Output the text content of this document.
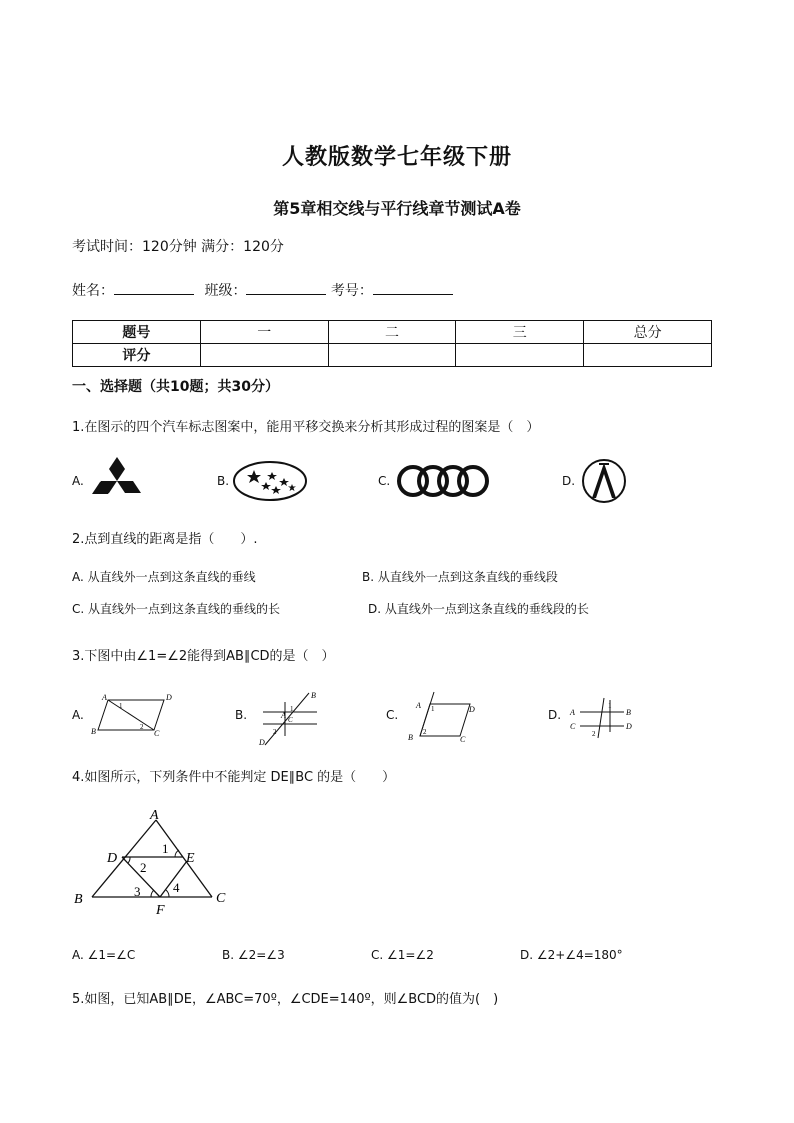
人教版数学七年级下册
第5章相交线与平行线章节测试A卷
考试时间：120分钟 满分：120分
姓名：	班级：	考号：
题号	一	二	三	总分
评分				
一、选择题（共10题；共30分）
1.在图示的四个汽车标志图案中，能用平移交换来分析其形成过程的图案是（　）
A.	B.	C.	D.
2.点到直线的距离是指（　　）.
A. 从直线外一点到这条直线的垂线	B. 从直线外一点到这条直线的垂线段
C. 从直线外一点到这条直线的垂线的长	D. 从直线外一点到这条直线的垂线段的长
3.下图中由∠1=∠2能得到AB∥CD的是（　）
A.
A	D
B	C
1
2
B.
B
A C
D
1
2
C.
A	D
B	C
1
2
D. A	B
C	D
1
2
4.如图所示，下列条件中不能判定 DE∥BC 的是（　　）
A
D	E
B	C
F
1
2
3	4
A. ∠1=∠C	B. ∠2=∠3	C. ∠1=∠2	D. ∠2+∠4=180°
5.如图，已知AB∥DE，∠ABC=70º，∠CDE=140º，则∠BCD的值为(　)
